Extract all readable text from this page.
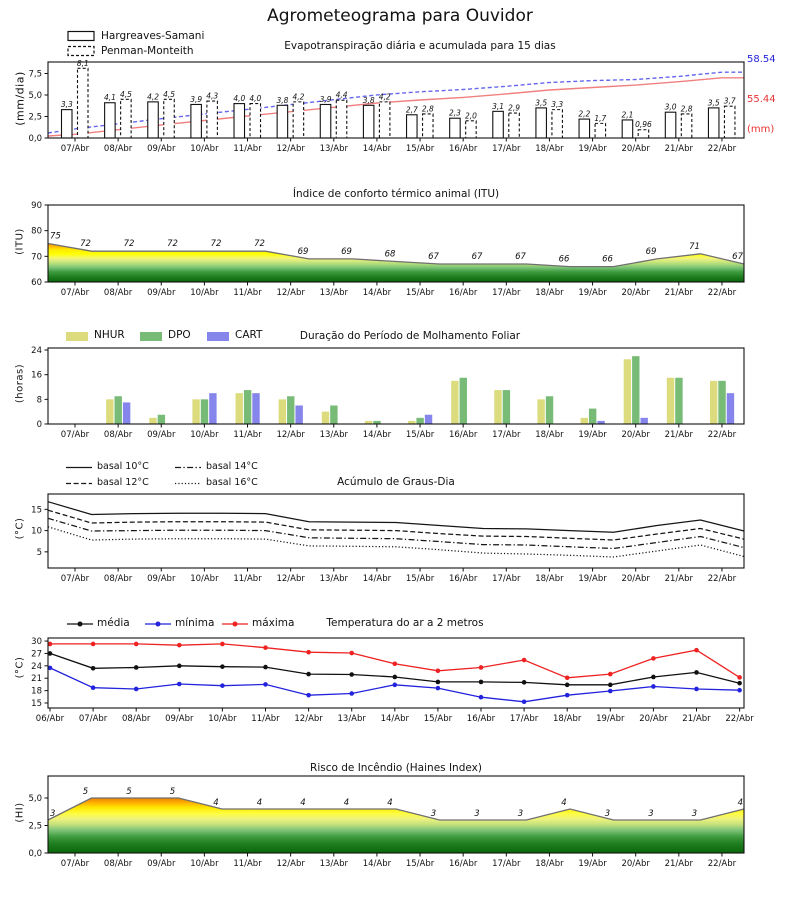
3,3
8,1
4,1 4,5 4,2 4,5
3,9 4,3 4,0 4,0 3,8 4,2 3,9 4,4
3,8 4,2
2,7 2,8 2,3 2,0
3,1 2,9
3,5 3,3
2,2 1,7 2,1
0,96
3,0 2,8
3,5 3,7
07/Abr 08/Abr 09/Abr 10/Abr 11/Abr 12/Abr 13/Abr 14/Abr 15/Abr 16/Abr 17/Abr 18/Abr 19/Abr 20/Abr 21/Abr 22/Abr
0,0
2,5
5,0
7,5
75
72	72	72	72	72
69	69	68	67	67	67	66	66
69
71
67
07/Abr 08/Abr 09/Abr 10/Abr 11/Abr 12/Abr 13/Abr 14/Abr 15/Abr 16/Abr 17/Abr 18/Abr 19/Abr 20/Abr 21/Abr 22/Abr
60
70
80
90
07/Abr 08/Abr 09/Abr 10/Abr 11/Abr 12/Abr 13/Abr 14/Abr 15/Abr 16/Abr 17/Abr 18/Abr 19/Abr 20/Abr 21/Abr 22/Abr
0
8
16
24
07/Abr 08/Abr 09/Abr 10/Abr 11/Abr 12/Abr 13/Abr 14/Abr 15/Abr 16/Abr 17/Abr 18/Abr 19/Abr 20/Abr 21/Abr 22/Abr
5
10
15
06/Abr 07/Abr 08/Abr 09/Abr 10/Abr 11/Abr 12/Abr 13/Abr 14/Abr 15/Abr 16/Abr 17/Abr 18/Abr 19/Abr 20/Abr 21/Abr 22/Abr
15
18
21
24
27
30
3
5	5	5
4	4	4	4	4
3	3	3
4
3	3	3
4
07/Abr 08/Abr 09/Abr 10/Abr 11/Abr 12/Abr 13/Abr 14/Abr 15/Abr 16/Abr 17/Abr 18/Abr 19/Abr 20/Abr 21/Abr 22/Abr
0,0
2,5
5,0
Agrometeograma para Ouvidor
Evapotranspiração diária e acumulada para 15 dias
Hargreaves-Samani
Penman-Monteith
58.54
55.44
(mm)
(mm/dia)
Índice de conforto térmico animal (ITU)
(ITU)
Duração do Período de Molhamento Foliar
NHUR	DPO	CART
(horas)
Acúmulo de Graus-Dia
basal 10°C
basal 12°C
basal 14°C
basal 16°C
(°C)
Temperatura do ar a 2 metros
média	mínima	máxima
(°C)
Risco de Incêndio (Haines Index)
(HI)
